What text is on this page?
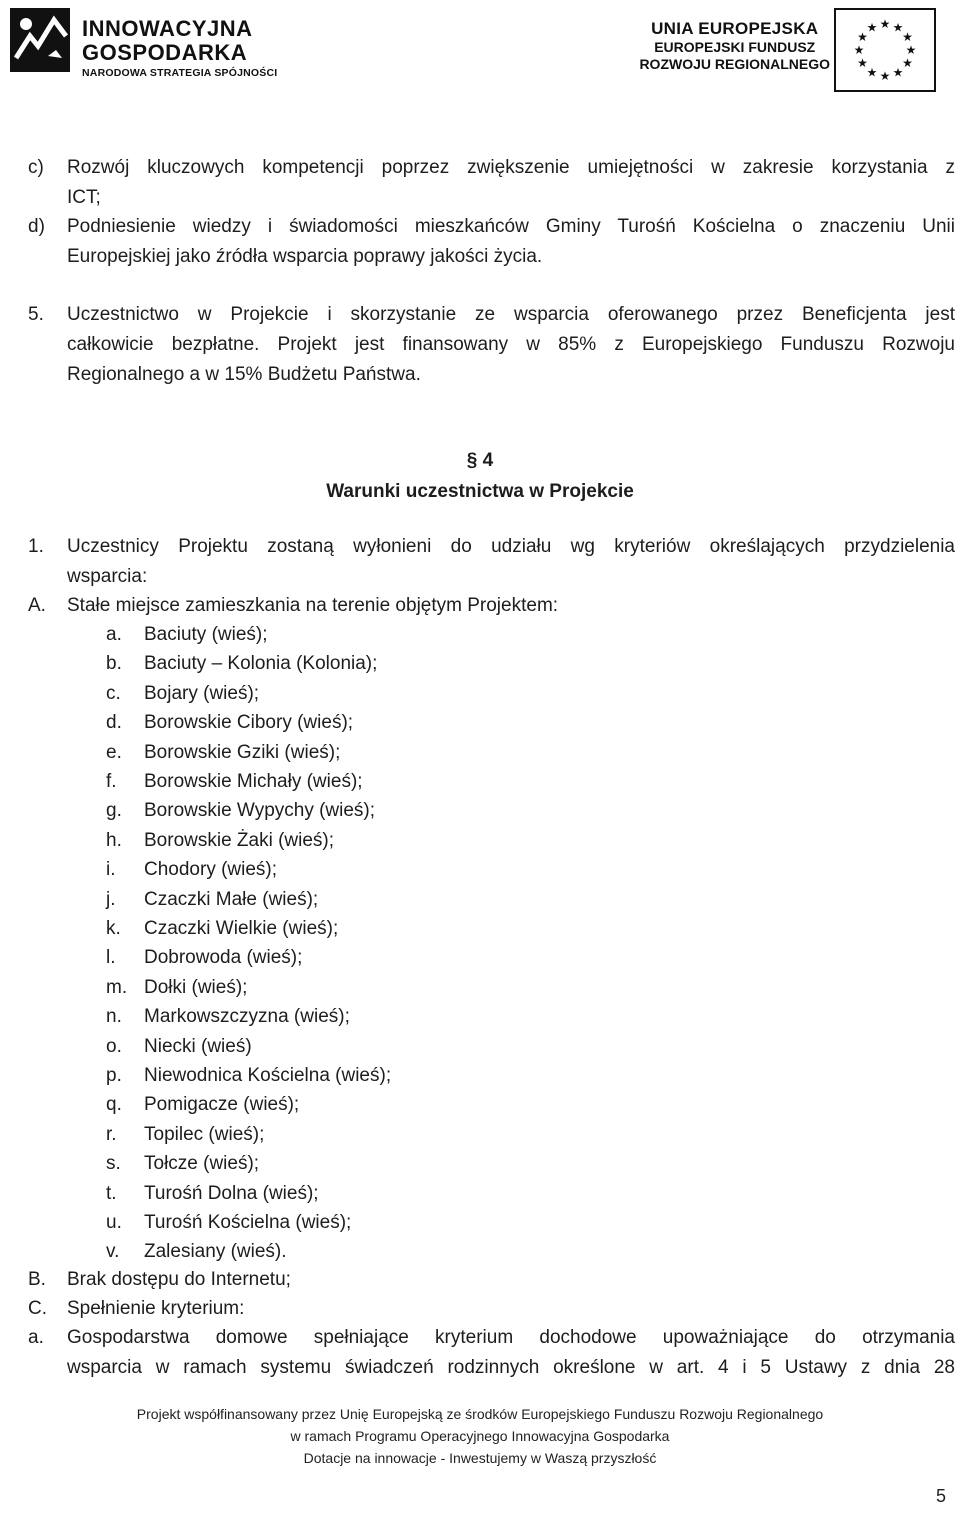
INNOWACYJNA
GOSPODARKA
NARODOWA STRATEGIA SPÓJNOŚCI
UNIA EUROPEJSKA
EUROPEJSKI FUNDUSZ
ROZWOJU REGIONALNEGO
★ ★
★
★
★
★
★
★
★
★
★
★
c) Rozwój kluczowych kompetencji poprzez zwiększenie umiejętności w zakresie korzystania z
ICT;
d) Podniesienie wiedzy i świadomości mieszkańców Gminy Turośń Kościelna o znaczeniu Unii
Europejskiej jako źródła wsparcia poprawy jakości życia.
5. Uczestnictwo w Projekcie i skorzystanie ze wsparcia oferowanego przez Beneficjenta jest
całkowicie bezpłatne. Projekt jest finansowany w 85% z Europejskiego Funduszu Rozwoju
Regionalnego a w 15% Budżetu Państwa.
§ 4
Warunki uczestnictwa w Projekcie
1. Uczestnicy Projektu zostaną wyłonieni do udziału wg kryteriów określających przydzielenia
wsparcia:
A. Stałe miejsce zamieszkania na terenie objętym Projektem:
a. Baciuty (wieś);
b. Baciuty – Kolonia (Kolonia);
c. Bojary (wieś);
d. Borowskie Cibory (wieś);
e. Borowskie Gziki (wieś);
f. Borowskie Michały (wieś);
g. Borowskie Wypychy (wieś);
h. Borowskie Żaki (wieś);
i. Chodory (wieś);
j. Czaczki Małe (wieś);
k. Czaczki Wielkie (wieś);
l. Dobrowoda (wieś);
m. Dołki (wieś);
n. Markowszczyzna (wieś);
o. Niecki (wieś)
p. Niewodnica Kościelna (wieś);
q. Pomigacze (wieś);
r. Topilec (wieś);
s. Tołcze (wieś);
t. Turośń Dolna (wieś);
u. Turośń Kościelna (wieś);
v. Zalesiany (wieś).
B. Brak dostępu do Internetu;
C. Spełnienie kryterium:
a. Gospodarstwa domowe spełniające kryterium dochodowe upoważniające do otrzymania
wsparcia w ramach systemu świadczeń rodzinnych określone w art. 4 i 5 Ustawy z dnia 28
Projekt współfinansowany przez Unię Europejską ze środków Europejskiego Funduszu Rozwoju Regionalnego
w ramach Programu Operacyjnego Innowacyjna Gospodarka
Dotacje na innowacje - Inwestujemy w Waszą przyszłość
5
